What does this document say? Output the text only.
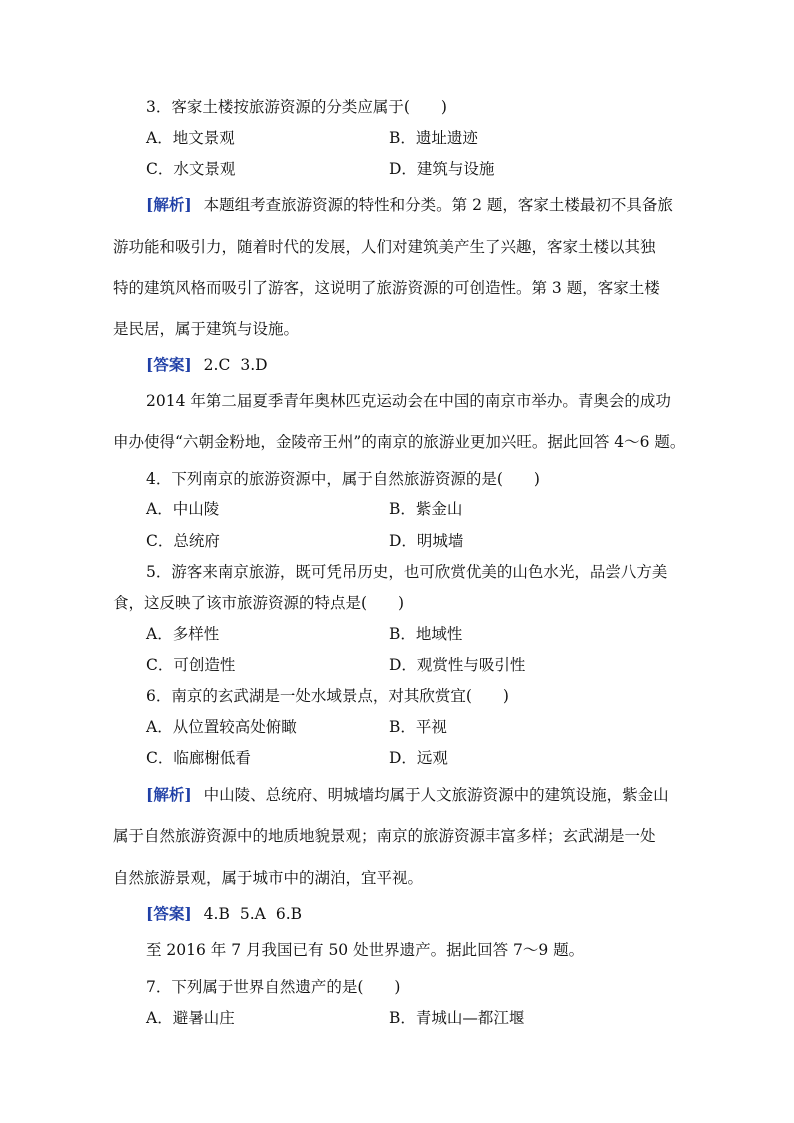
3．客家土楼按旅游资源的分类应属于(　　)
A．地文景观	B．遗址遗迹
C．水文景观	D．建筑与设施
[解析] 本题组考查旅游资源的特性和分类。第 2 题，客家土楼最初不具备旅
游功能和吸引力，随着时代的发展，人们对建筑美产生了兴趣，客家土楼以其独
特的建筑风格而吸引了游客，这说明了旅游资源的可创造性。第 3 题，客家土楼
是民居，属于建筑与设施。
[答案] 2.C 3.D
2014 年第二届夏季青年奥林匹克运动会在中国的南京市举办。青奥会的成功
申办使得“六朝金粉地，金陵帝王州”的南京的旅游业更加兴旺。据此回答 4～6 题。
4．下列南京的旅游资源中，属于自然旅游资源的是(　　)
A．中山陵	B．紫金山
C．总统府	D．明城墙
5．游客来南京旅游，既可凭吊历史，也可欣赏优美的山色水光，品尝八方美
食，这反映了该市旅游资源的特点是(　　)
A．多样性	B．地域性
C．可创造性	D．观赏性与吸引性
6．南京的玄武湖是一处水域景点，对其欣赏宜(　　)
A．从位置较高处俯瞰	B．平视
C．临廊榭低看	D．远观
[解析] 中山陵、总统府、明城墙均属于人文旅游资源中的建筑设施，紫金山
属于自然旅游资源中的地质地貌景观；南京的旅游资源丰富多样；玄武湖是一处
自然旅游景观，属于城市中的湖泊，宜平视。
[答案] 4.B 5.A 6.B
至 2016 年 7 月我国已有 50 处世界遗产。据此回答 7～9 题。
7．下列属于世界自然遗产的是(　　)
A．避暑山庄	B．青城山—都江堰
